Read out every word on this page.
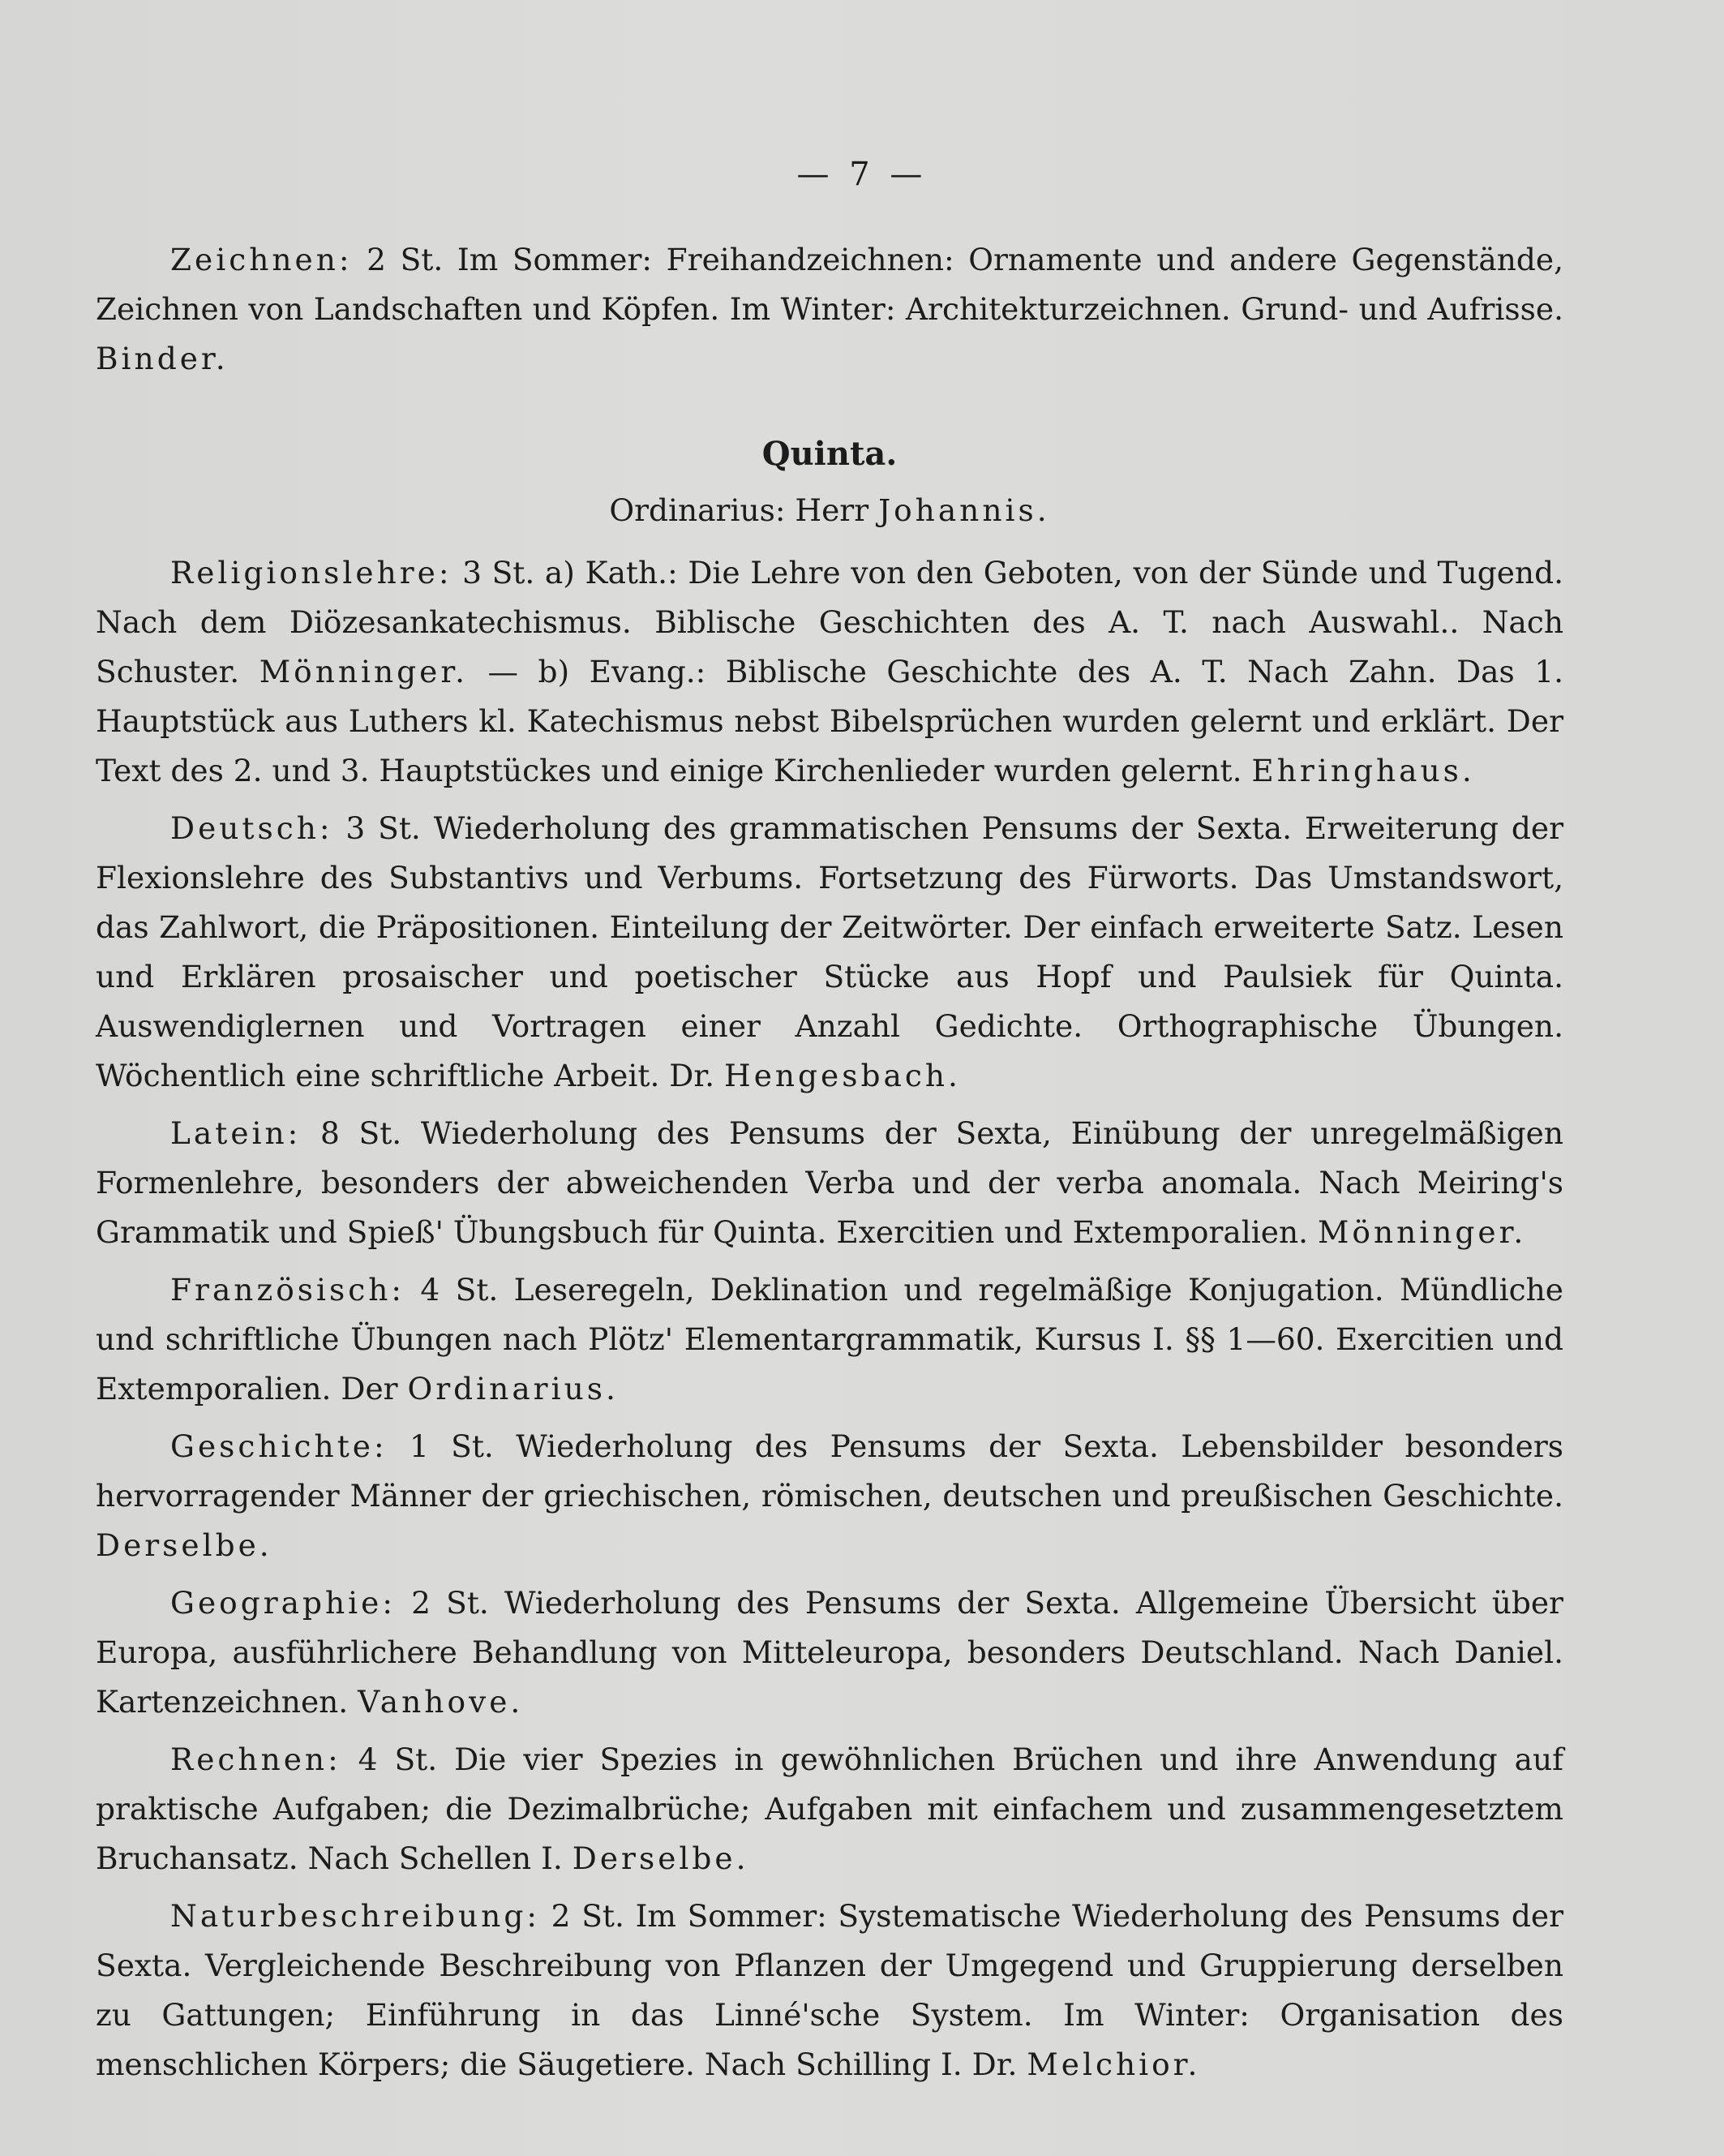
— 7 —

Zeichnen: 2 St. Im Sommer: Freihandzeichnen: Ornamente und andere Gegenstände, Zeichnen von Landschaften und Köpfen. Im Winter: Architekturzeichnen. Grund- und Aufrisse. Binder.

Quinta.
Ordinarius: Herr Johannis.

Religionslehre: 3 St. a) Kath.: Die Lehre von den Geboten, von der Sünde und Tugend. Nach dem Diözesankatechismus. Biblische Geschichten des A. T. nach Auswahl.. Nach Schuster. Mönninger. — b) Evang.: Biblische Geschichte des A. T. Nach Zahn. Das 1. Hauptstück aus Luthers kl. Katechismus nebst Bibelsprüchen wurden gelernt und erklärt. Der Text des 2. und 3. Hauptstückes und einige Kirchenlieder wurden gelernt. Ehringhaus.

Deutsch: 3 St. Wiederholung des grammatischen Pensums der Sexta. Erweiterung der Flexionslehre des Substantivs und Verbums. Fortsetzung des Fürworts. Das Umstandswort, das Zahlwort, die Präpositionen. Einteilung der Zeitwörter. Der einfach erweiterte Satz. Lesen und Erklären prosaischer und poetischer Stücke aus Hopf und Paulsiek für Quinta. Auswendiglernen und Vortragen einer Anzahl Gedichte. Orthographische Übungen. Wöchentlich eine schriftliche Arbeit. Dr. Hengesbach.

Latein: 8 St. Wiederholung des Pensums der Sexta, Einübung der unregelmäßigen Formenlehre, besonders der abweichenden Verba und der verba anomala. Nach Meiring's Grammatik und Spieß' Übungsbuch für Quinta. Exercitien und Extemporalien. Mönninger.

Französisch: 4 St. Leseregeln, Deklination und regelmäßige Konjugation. Mündliche und schriftliche Übungen nach Plötz' Elementargrammatik, Kursus I. §§ 1—60. Exercitien und Extemporalien. Der Ordinarius.

Geschichte: 1 St. Wiederholung des Pensums der Sexta. Lebensbilder besonders hervorragender Männer der griechischen, römischen, deutschen und preußischen Geschichte. Derselbe.

Geographie: 2 St. Wiederholung des Pensums der Sexta. Allgemeine Übersicht über Europa, ausführlichere Behandlung von Mitteleuropa, besonders Deutschland. Nach Daniel. Kartenzeichnen. Vanhove.

Rechnen: 4 St. Die vier Spezies in gewöhnlichen Brüchen und ihre Anwendung auf praktische Aufgaben; die Dezimalbrüche; Aufgaben mit einfachem und zusammengesetztem Bruchansatz. Nach Schellen I. Derselbe.

Naturbeschreibung: 2 St. Im Sommer: Systematische Wiederholung des Pensums der Sexta. Vergleichende Beschreibung von Pflanzen der Umgegend und Gruppierung derselben zu Gattungen; Einführung in das Linné'sche System. Im Winter: Organisation des menschlichen Körpers; die Säugetiere. Nach Schilling I. Dr. Melchior.
